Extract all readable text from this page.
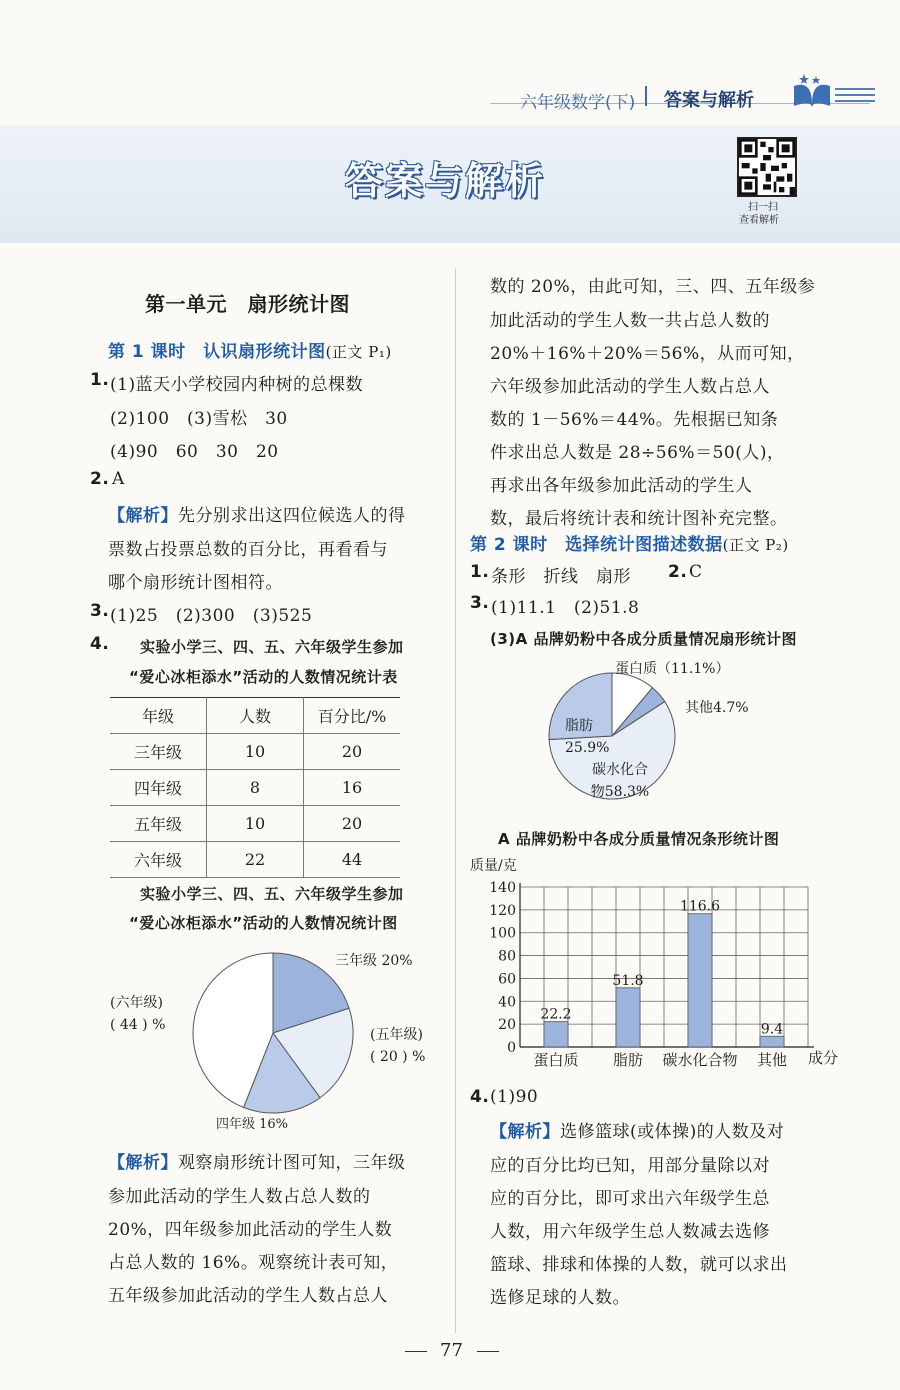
六年级数学(下) 答案与解析
答案与解析
扫一扫
查看解析
第一单元　扇形统计图
第 1 课时　认识扇形统计图(正文 P₁)
1. (1)蓝天小学校园内种树的总棵数
(2)100　(3)雪松　30
(4)90　60　30　20
2. A
【解析】先分别求出这四位候选人的得
票数占投票总数的百分比，再看看与
哪个扇形统计图相符。
3. (1)25　(2)300　(3)525
4. 实验小学三、四、五、六年级学生参加
“爱心冰柜添水”活动的人数情况统计表
年级	人数	百分比/%
三年级	10	20
四年级	8	16
五年级	10	20
六年级	22	44
实验小学三、四、五、六年级学生参加
“爱心冰柜添水”活动的人数情况统计图
三年级 20%
(五年级)
( 20 ) %
四年级 16%
(六年级)
( 44 ) %
【解析】观察扇形统计图可知，三年级
参加此活动的学生人数占总人数的
20%，四年级参加此活动的学生人数
占总人数的 16%。观察统计表可知，
五年级参加此活动的学生人数占总人
数的 20%，由此可知，三、四、五年级参
加此活动的学生人数一共占总人数的
20%＋16%＋20%＝56%，从而可知，
六年级参加此活动的学生人数占总人
数的 1－56%＝44%。先根据已知条
件求出总人数是 28÷56%＝50(人)，
再求出各年级参加此活动的学生人
数，最后将统计表和统计图补充完整。
第 2 课时　选择统计图描述数据(正文 P₂)
1. 条形　折线　扇形 2. C
3. (1)11.1　(2)51.8
(3)A 品牌奶粉中各成分质量情况扇形统计图
蛋白质（11.1%）
其他4.7%
碳水化合
物58.3%
脂肪
25.9%
A 品牌奶粉中各成分质量情况条形统计图
0
20
40
60
80
100
120
140
质量/克
成分
22.2
蛋白质
51.8
脂肪
116.6
碳水化合物
9.4
其他
4. (1)90
【解析】选修篮球(或体操)的人数及对
应的百分比均已知，用部分量除以对
应的百分比，即可求出六年级学生总
人数，用六年级学生总人数减去选修
篮球、排球和体操的人数，就可以求出
选修足球的人数。
77
